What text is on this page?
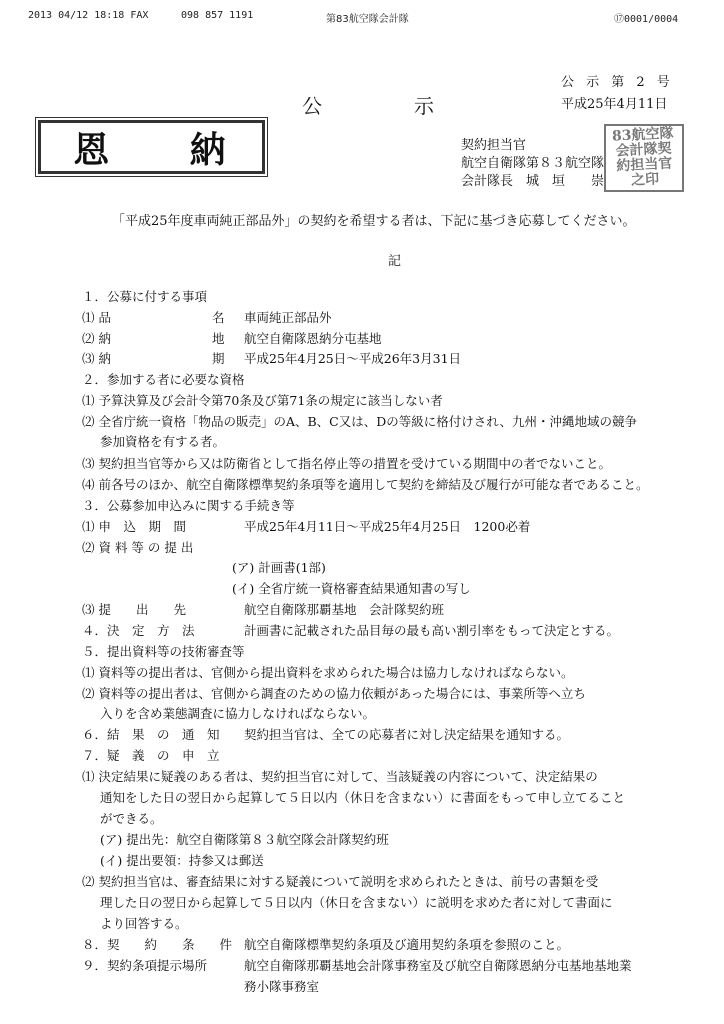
2013 04/12 18:18 FAX	098 857 1191	第83航空隊会計隊	⑰0001/0004
公 示 第 2 号
公　示	平成25年4月11日
恩 納	契約担当官
航空自衛隊第８３航空隊
会計隊長　城　垣　　崇
83航空隊会計隊契約担当官之印
「平成25年度車両純正部品外」の契約を希望する者は、下記に基づき応募してください。
記
１．公募に付する事項
⑴ 品	名 車両純正部品外
⑵ 納	地 航空自衛隊恩納分屯基地
⑶ 納	期 平成25年4月25日～平成26年3月31日
２．参加する者に必要な資格
⑴ 予算決算及び会計令第70条及び第71条の規定に該当しない者
⑵ 全省庁統一資格「物品の販売」のA、B、C又は、Dの等級に格付けされ、九州・沖縄地域の競争
参加資格を有する者。
⑶ 契約担当官等から又は防衛省として指名停止等の措置を受けている期間中の者でないこと。
⑷ 前各号のほか、航空自衛隊標準契約条項等を適用して契約を締結及び履行が可能な者であること。
３．公募参加申込みに関する手続き等
⑴ 申　込　期　間	平成25年4月11日～平成25年4月25日　1200必着
⑵ 資 料 等 の 提 出
(ア) 計画書(1部)
(イ) 全省庁統一資格審査結果通知書の写し
⑶ 提　　出　　先	航空自衛隊那覇基地　会計隊契約班
４．決　定　方　法	計画書に記載された品目毎の最も高い割引率をもって決定とする。
５．提出資料等の技術審査等
⑴ 資料等の提出者は、官側から提出資料を求められた場合は協力しなければならない。
⑵ 資料等の提出者は、官側から調査のための協力依頼があった場合には、事業所等へ立ち
入りを含め業態調査に協力しなければならない。
６．結　果　の　通　知 契約担当官は、全ての応募者に対し決定結果を通知する。
７．疑　義　の　申　立
⑴ 決定結果に疑義のある者は、契約担当官に対して、当該疑義の内容について、決定結果の
通知をした日の翌日から起算して５日以内（休日を含まない）に書面をもって申し立てること
ができる。
(ア) 提出先：航空自衛隊第８３航空隊会計隊契約班
(イ) 提出要領：持参又は郵送
⑵ 契約担当官は、審査結果に対する疑義について説明を求められたときは、前号の書類を受
理した日の翌日から起算して５日以内（休日を含まない）に説明を求めた者に対して書面に
より回答する。
８．契　　約　　条　　件 航空自衛隊標準契約条項及び適用契約条項を参照のこと。
９．契約条項提示場所	航空自衛隊那覇基地会計隊事務室及び航空自衛隊恩納分屯基地基地業
務小隊事務室
